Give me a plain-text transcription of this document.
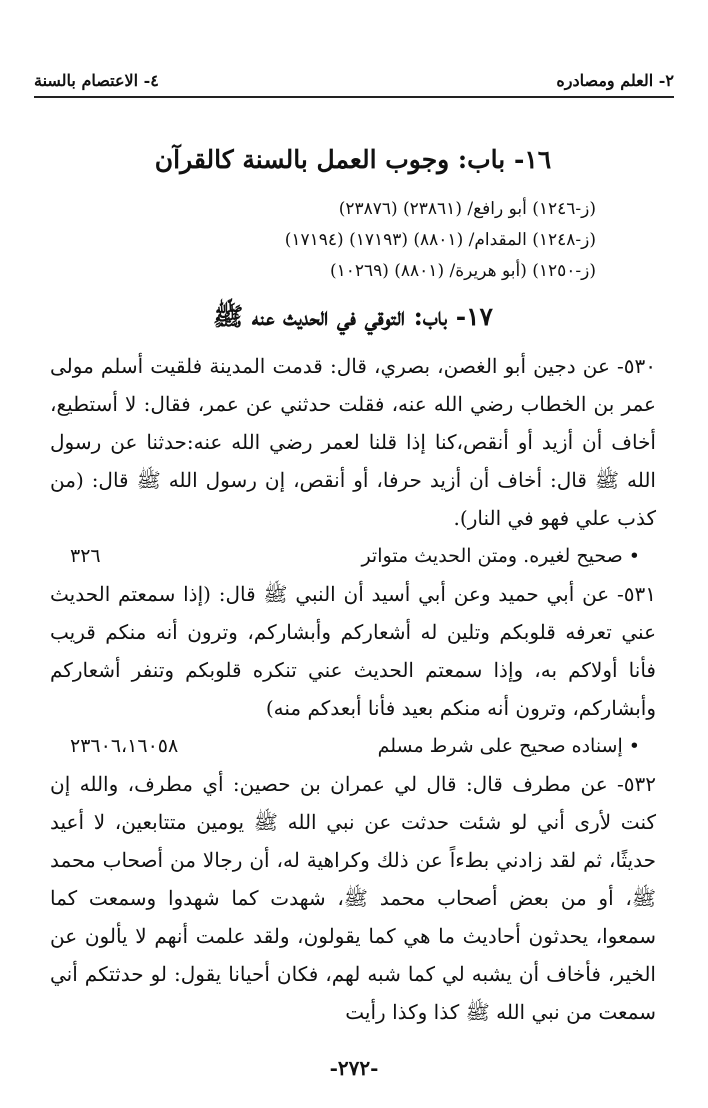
٢- العلم ومصادره
٤- الاعتصام بالسنة
١٦- باب: وجوب العمل بالسنة كالقرآن
(ز-١٢٤٦) أبو رافع/ (٢٣٨٦١) (٢٣٨٧٦)
(ز-١٢٤٨) المقدام/ (٨٨٠١) (١٧١٩٣) (١٧١٩٤)
(ز-١٢٥٠) (أبو هريرة/ (٨٨٠١) (١٠٢٦٩)
١٧- باب: التوقي في الحديث عنه ﷺ

٥٣٠- عن دجين أبو الغصن، بصري، قال: قدمت المدينة فلقيت أسلم مولى عمر بن الخطاب رضي الله عنه، فقلت حدثني عن عمر، فقال: لا أستطيع، أخاف أن أزيد أو أنقص،كنا إذا قلنا لعمر رضي الله عنه:حدثنا عن رسول الله ﷺ قال: أخاف أن أزيد حرفا، أو أنقص، إن رسول الله ﷺ قال: (من كذب علي فهو في النار).

• صحيح لغيره. ومتن الحديث متواتر
٣٢٦

٥٣١- عن أبي حميد وعن أبي أسيد أن النبي ﷺ قال: (إذا سمعتم الحديث عني تعرفه قلوبكم وتلين له أشعاركم وأبشاركم، وترون أنه منكم قريب فأنا أولاكم به، وإذا سمعتم الحديث عني تنكره قلوبكم وتنفر أشعاركم وأبشاركم، وترون أنه منكم بعيد فأنا أبعدكم منه)

• إسناده صحيح على شرط مسلم
٢٣٦٠٦،١٦٠٥٨

٥٣٢- عن مطرف قال: قال لي عمران بن حصين: أي مطرف، والله إن كنت لأرى أني لو شئت حدثت عن نبي الله ﷺ يومين متتابعين، لا أعيد حديثًا، ثم لقد زادني بطءاً عن ذلك وكراهية له، أن رجالا من أصحاب محمد ﷺ، أو من بعض أصحاب محمد ﷺ، شهدت كما شهدوا وسمعت كما سمعوا، يحدثون أحاديث ما هي كما يقولون، ولقد علمت أنهم لا يألون عن الخير، فأخاف أن يشبه لي كما شبه لهم، فكان أحيانا يقول: لو حدثتكم أني سمعت من نبي الله ﷺ كذا وكذا رأيت

-٢٧٢-
